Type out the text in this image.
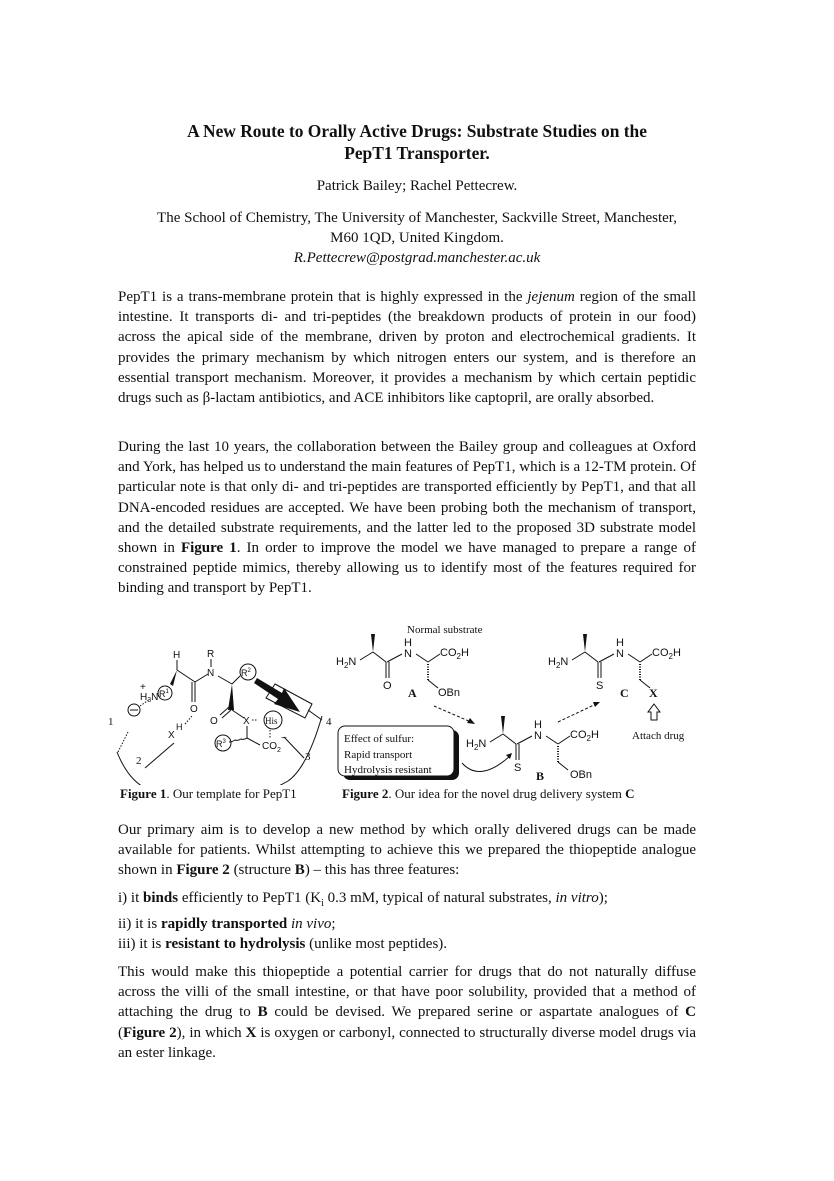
A New Route to Orally Active Drugs: Substrate Studies on the
PepT1 Transporter.
Patrick Bailey; Rachel Pettecrew.
The School of Chemistry, The University of Manchester, Sackville Street, Manchester,
M60 1QD, United Kingdom.
R.Pettecrew@postgrad.manchester.ac.uk
PepT1 is a trans-membrane protein that is highly expressed in the jejenum region of the small intestine. It transports di- and tri-peptides (the breakdown products of protein in our food) across the apical side of the membrane, driven by proton and electrochemical gradients. It provides the primary mechanism by which nitrogen enters our system, and is therefore an essential transport mechanism. Moreover, it provides a mechanism by which certain peptidic drugs such as β-lactam antibiotics, and ACE inhibitors like captopril, are orally absorbed.
During the last 10 years, the collaboration between the Bailey group and colleagues at Oxford and York, has helped us to understand the main features of PepT1, which is a 12-TM protein. Of particular note is that only di- and tri-peptides are transported efficiently by PepT1, and that all DNA-encoded residues are accepted. We have been probing both the mechanism of transport, and the detailed substrate requirements, and the latter led to the proposed 3D substrate model shown in Figure 1. In order to improve the model we have managed to prepare a range of constrained peptide mimics, thereby allowing us to identify most of the features required for binding and transport by PepT1.
1
2	3
4
+
$H_3N$
H
$R^1$
O
N
R
$R^2$
O	X His
$R^3$	$CO_2$
−
X
H
Figure 1. Our template for PepT1
Normal substrate
$H_2N$
O
H
N	$CO_2H$
OBn
A
$H_2N$
S
H
N	$CO_2H$
X
C
Attach drug
$H_2N$
S
H
N	$CO_2H$
OBn
B
Effect of sulfur:
Rapid transport
Hydrolysis resistant
Figure 2. Our idea for the novel drug delivery system C
Our primary aim is to develop a new method by which orally delivered drugs can be made available for patients. Whilst attempting to achieve this we prepared the thiopeptide analogue shown in Figure 2 (structure B) – this has three features:
i) it binds efficiently to PepT1 ($K_i$ 0.3 mM, typical of natural substrates, in vitro);
ii) it is rapidly transported in vivo;
iii) it is resistant to hydrolysis (unlike most peptides).
This would make this thiopeptide a potential carrier for drugs that do not naturally diffuse across the villi of the small intestine, or that have poor solubility, provided that a method of attaching the drug to B could be devised. We prepared serine or aspartate analogues of C (Figure 2), in which X is oxygen or carbonyl, connected to structurally diverse model drugs via an ester linkage.
